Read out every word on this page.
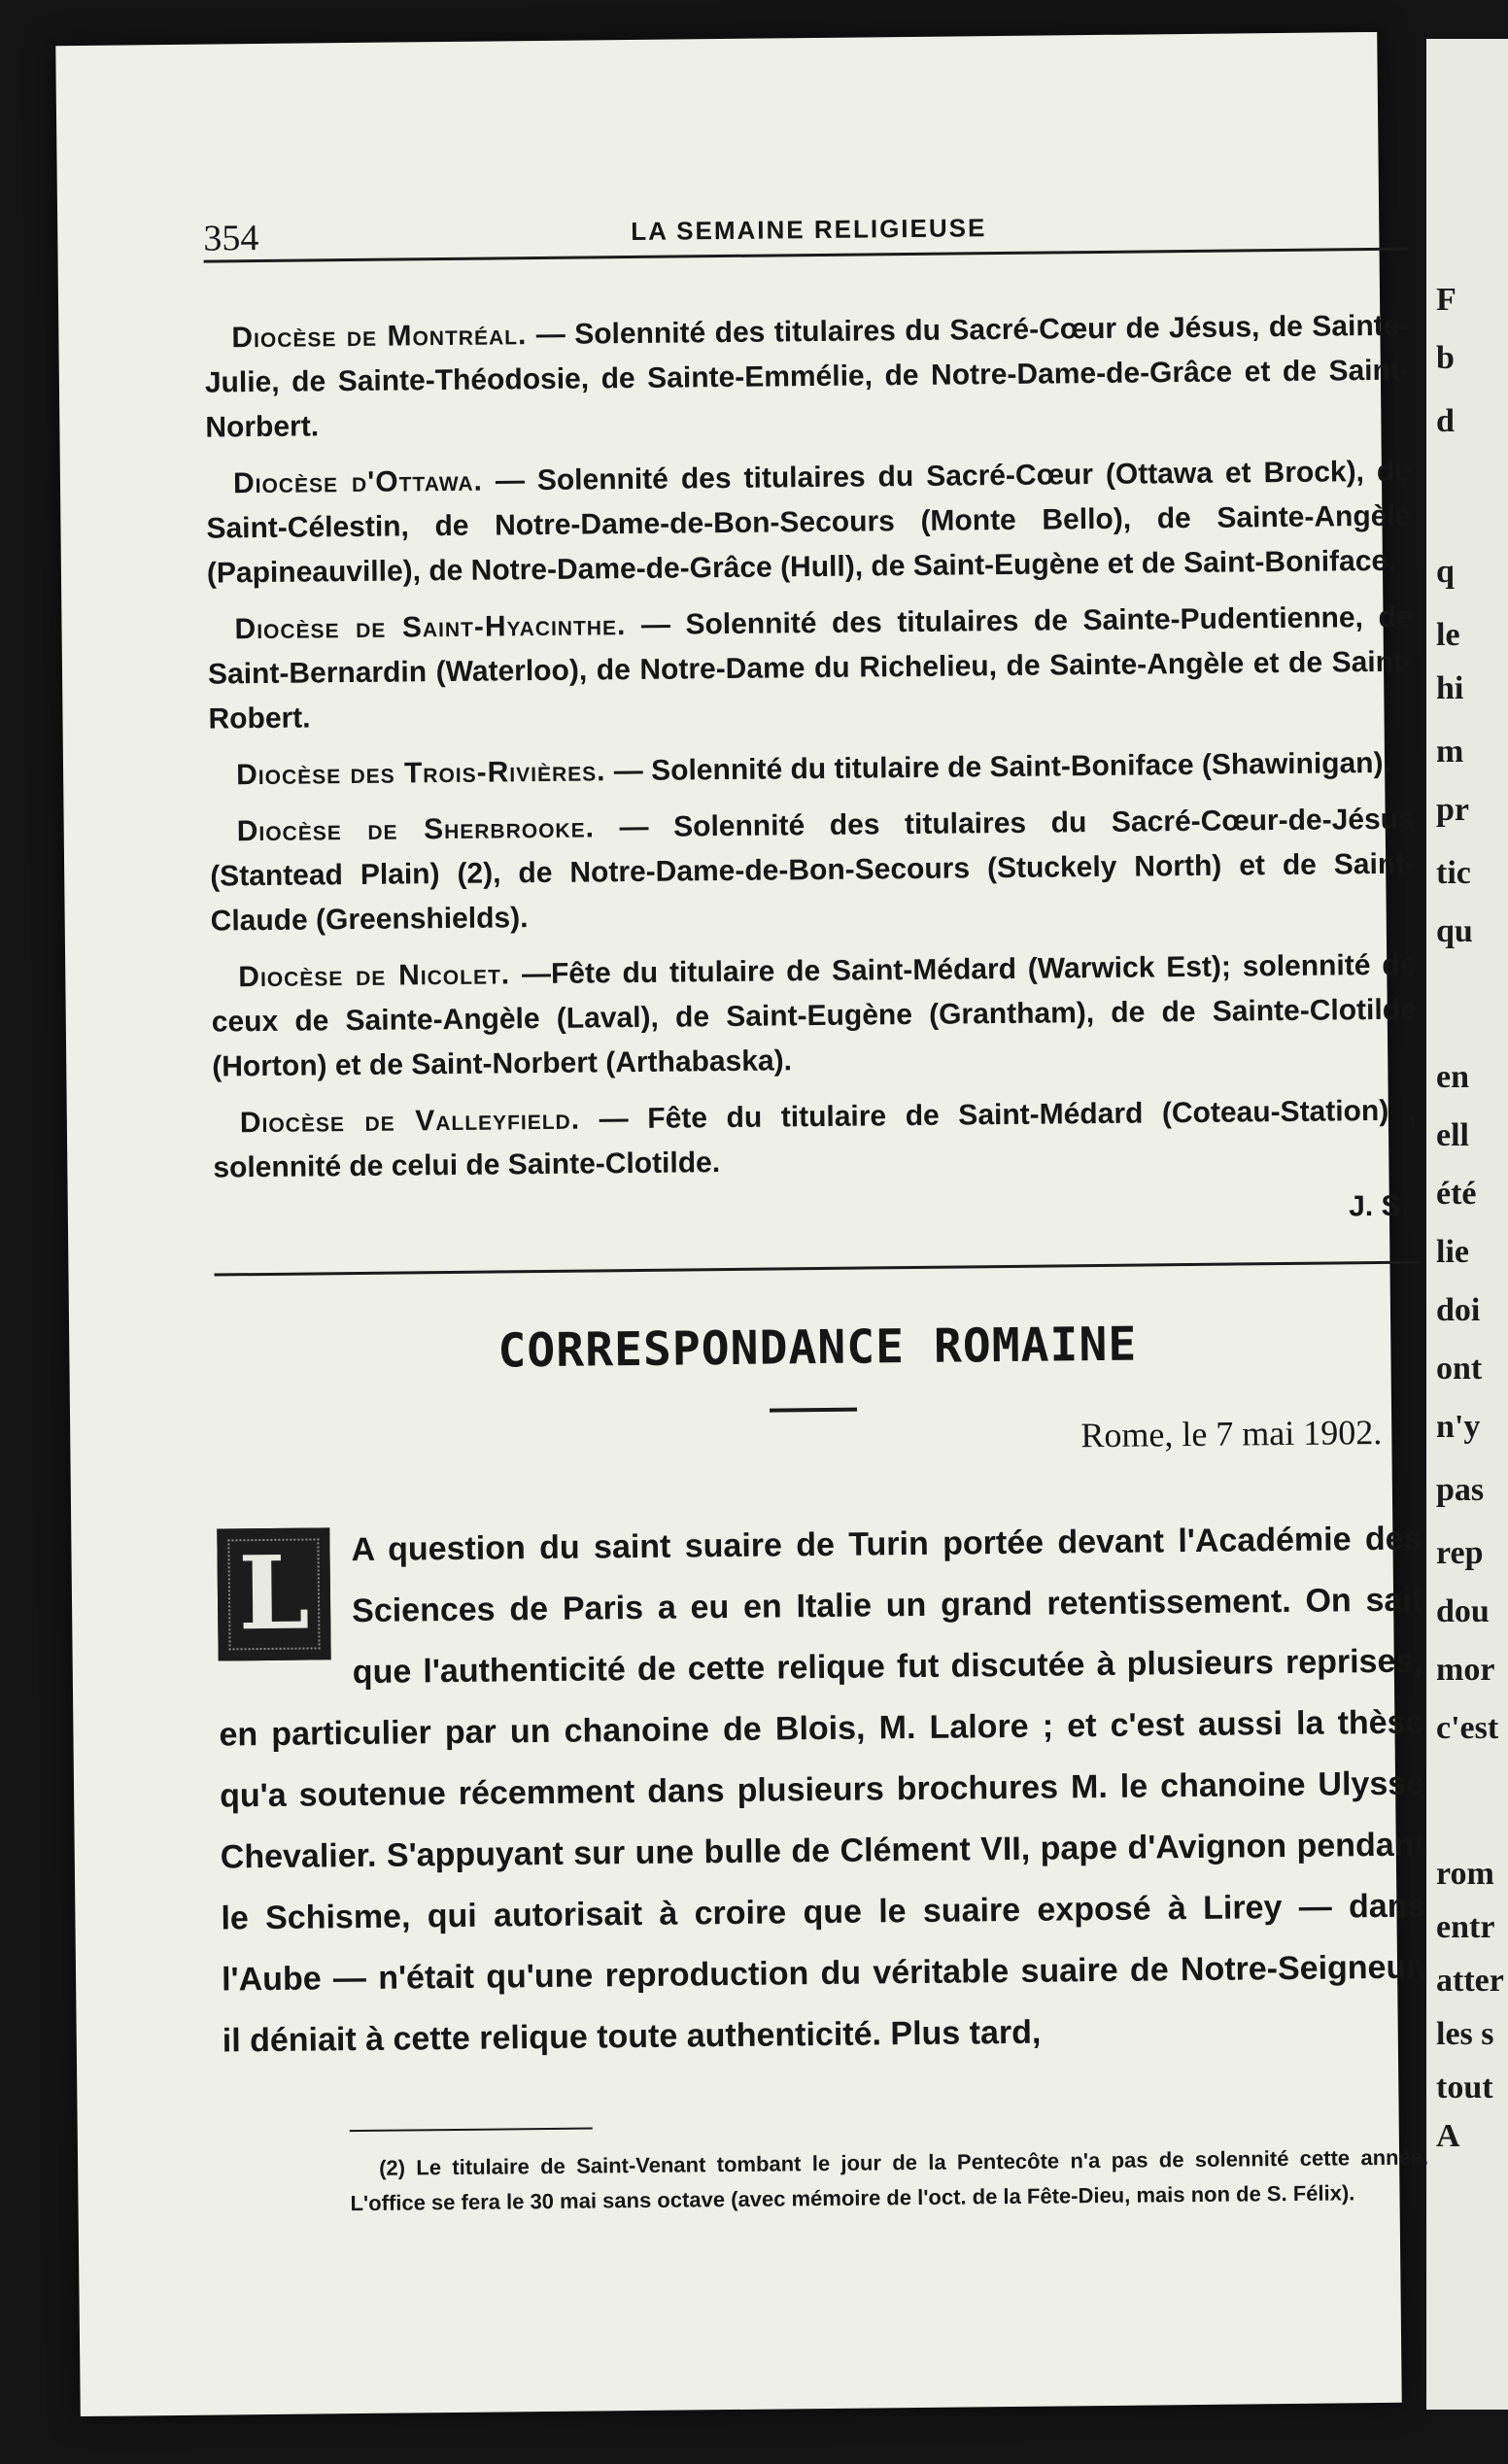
F
b
d
q
le
hi
m
pr
tic
qu
en
ell
été
lie
doi
ont
n'y
pas
rep
dou
mor
c'est
rom
entr
atter
les s
tout
A
354	LA SEMAINE RELIGIEUSE

Diocèse de Montréal. — Solennité des titulaires du Sacré-Cœur de Jésus, de Sainte-Julie, de Sainte-Théodosie, de Sainte-Emmélie, de Notre-Dame-de-Grâce et de Saint-Norbert.

Diocèse d'Ottawa. — Solennité des titulaires du Sacré-Cœur (Ottawa et Brock), de Saint-Célestin, de Notre-Dame-de-Bon-Secours (Monte Bello), de Sainte-Angèle (Papineauville), de Notre-Dame-de-Grâce (Hull), de Saint-Eugène et de Saint-Boniface.

Diocèse de Saint-Hyacinthe. — Solennité des titulaires de Sainte-Pudentienne, de Saint-Bernardin (Waterloo), de Notre-Dame du Richelieu, de Sainte-Angèle et de Saint-Robert.

Diocèse des Trois-Rivières. — Solennité du titulaire de Saint-Boniface (Shawinigan).

Diocèse de Sherbrooke. — Solennité des titulaires du Sacré-Cœur-de-Jésus (Stantead Plain) (2), de Notre-Dame-de-Bon-Secours (Stuckely North) et de Saint-Claude (Greenshields).

Diocèse de Nicolet. —Fête du titulaire de Saint-Médard (Warwick Est); solennité de ceux de Sainte-Angèle (Laval), de Saint-Eugène (Grantham), de de Sainte-Clotilde (Horton) et de Saint-Norbert (Arthabaska).

Diocèse de Valleyfield. — Fête du titulaire de Saint-Médard (Coteau-Station) ; solennité de celui de Sainte-Clotilde.

J. S.
CORRESPONDANCE ROMAINE
Rome, le 7 mai 1902.
L	A question du saint suaire de Turin portée devant l'Académie des Sciences de Paris a eu en Italie un grand retentissement. On sait que l'authenticité de cette relique fut discutée à plusieurs reprises, en particulier par un chanoine de Blois, M. Lalore ; et c'est aussi la thèse qu'a soutenue récemment dans plusieurs brochures M. le chanoine Ulysse Chevalier. S'appuyant sur une bulle de Clément VII, pape d'Avignon pendant le Schisme, qui autorisait à croire que le suaire exposé à Lirey — dans l'Aube — n'était qu'une reproduction du véritable suaire de Notre-Seigneur, il déniait à cette relique toute authenticité. Plus tard,
(2) Le titulaire de Saint-Venant tombant le jour de la Pentecôte n'a pas de solennité cette année. L'office se fera le 30 mai sans octave (avec mémoire de l'oct. de la Fête-Dieu, mais non de S. Félix).
